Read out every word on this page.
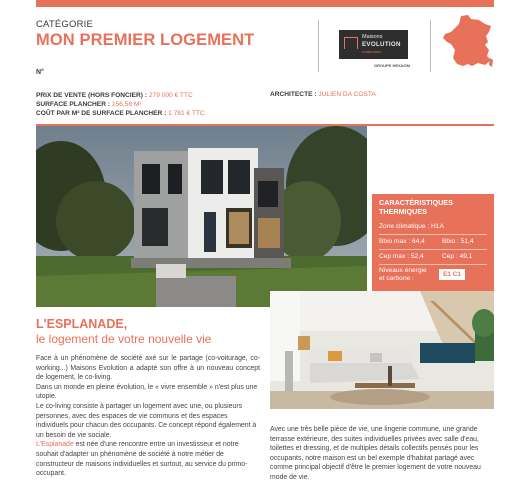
CATÉGORIE
MON PREMIER LOGEMENT
N°
Maisons
EVOLUTION
constructeur
GROUPE HEXAÔM
PRIX DE VENTE (HORS FONCIER) : 279 000 € TTC
SURFACE PLANCHER : 156,58 M²
COÛT PAR M² DE SURFACE PLANCHER : 1 781 € TTC
ARCHITECTE : JULIEN DA COSTA
CARACTÉRISTIQUES
THERMIQUES
Zone climatique : H1A
Bbio max : 64,4	Bbio : 51,4
Cep max : 52,4	Cep : 49,1
Niveaux énergie
et carbone :
E1 C1
L'ESPLANADE,
le logement de votre nouvelle vie

Face à un phénomène de société axé sur le partage (co-voiturage, co-working...) Maisons Evolution a adapté son offre à un nouveau concept de logement, le co-living.

Dans un monde en pleine évolution, le « vivre ensemble » n'est plus une utopie.

Le co-living consiste à partager un logement avec une, ou plusieurs personnes, avec des espaces de vie communs et des espaces individuels pour chacun des occupants. Ce concept répond également à un besoin de vie sociale.

L'Esplanade est née d'une rencontre entre un investisseur et notre souhait d'adapter un phénomène de société à notre métier de constructeur de maisons individuelles et surtout, au service du primo-occupant.

Avec une très belle pièce de vie, une lingerie commune, une grande terrasse extérieure, des suites individuelles privées avec salle d'eau, toilettes et dressing, et de multiples détails collectifs pensés pour les occupants, notre maison est un bel exemple d'habitat partagé avec comme principal objectif d'être le premier logement de votre nouveau mode de vie.
